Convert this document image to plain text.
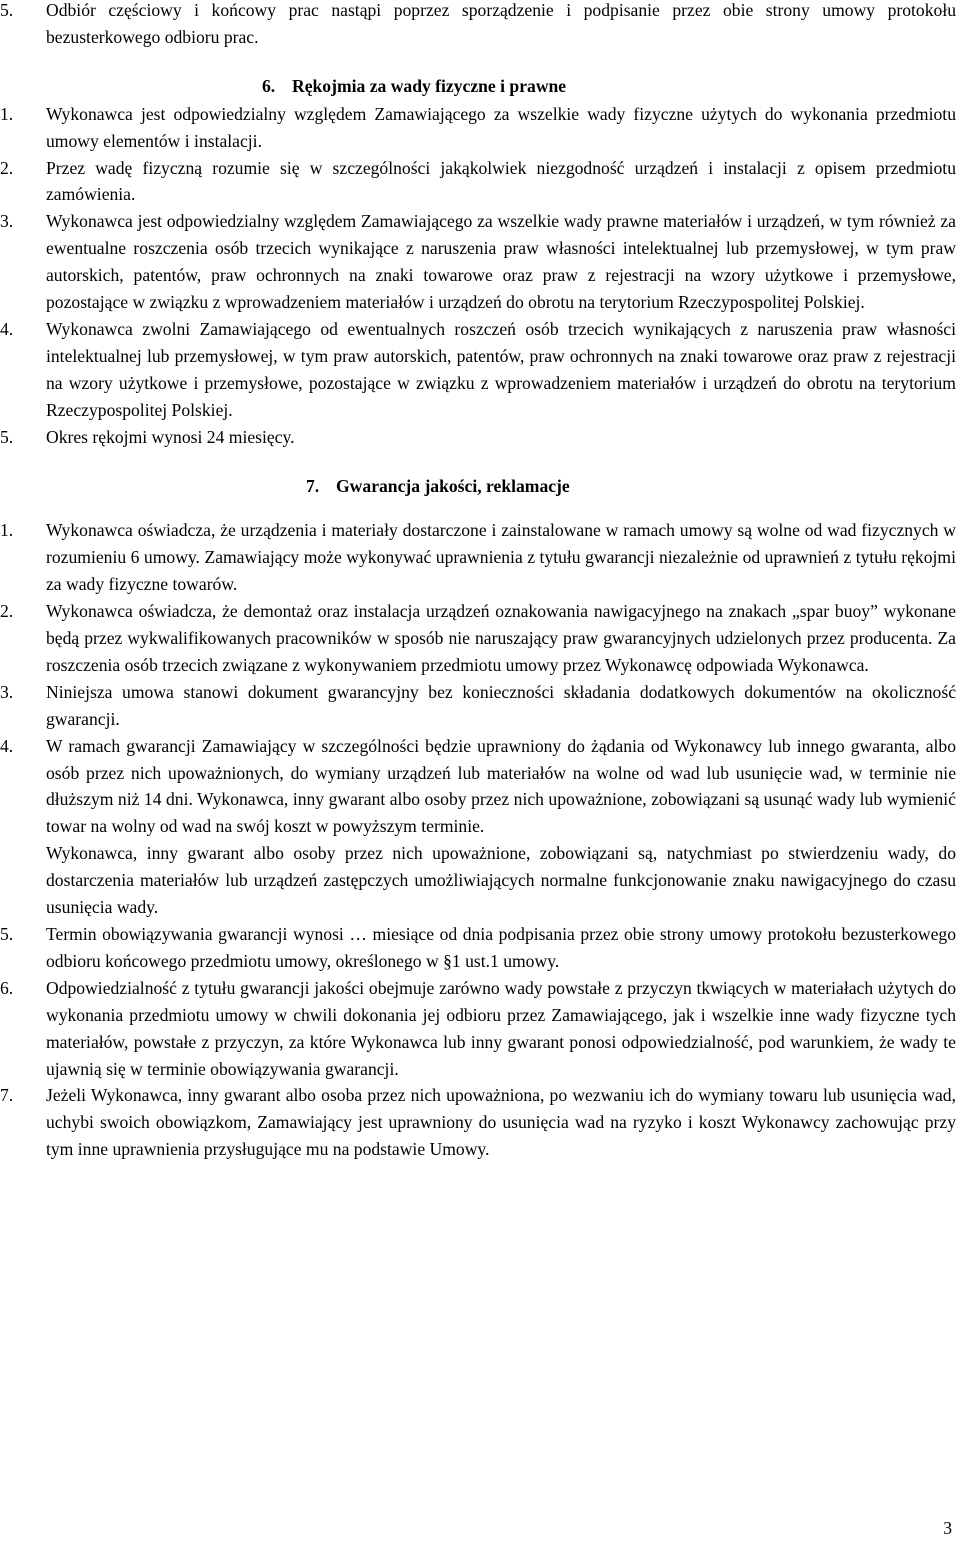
5. Odbiór częściowy i końcowy prac nastąpi poprzez sporządzenie i podpisanie przez obie strony umowy protokołu bezusterkowego odbioru prac.

6. Rękojmia za wady fizyczne i prawne
1. Wykonawca jest odpowiedzialny względem Zamawiającego za wszelkie wady fizyczne użytych do wykonania przedmiotu umowy elementów i instalacji.

2. Przez wadę fizyczną rozumie się w szczególności jakąkolwiek niezgodność urządzeń i instalacji z opisem przedmiotu zamówienia.

3. Wykonawca jest odpowiedzialny względem Zamawiającego za wszelkie wady prawne materiałów i urządzeń, w tym również za ewentualne roszczenia osób trzecich wynikające z naruszenia praw własności intelektualnej lub przemysłowej, w tym praw autorskich, patentów, praw ochronnych na znaki towarowe oraz praw z rejestracji na wzory użytkowe i przemysłowe, pozostające w związku z wprowadzeniem materiałów i urządzeń do obrotu na terytorium Rzeczypospolitej Polskiej.

4. Wykonawca zwolni Zamawiającego od ewentualnych roszczeń osób trzecich wynikających z naruszenia praw własności intelektualnej lub przemysłowej, w tym praw autorskich, patentów, praw ochronnych na znaki towarowe oraz praw z rejestracji na wzory użytkowe i przemysłowe, pozostające w związku z wprowadzeniem materiałów i urządzeń do obrotu na terytorium Rzeczypospolitej Polskiej.

5. Okres rękojmi wynosi 24 miesięcy.

7. Gwarancja jakości, reklamacje
1. Wykonawca oświadcza, że urządzenia i materiały dostarczone i zainstalowane w ramach umowy są wolne od wad fizycznych w rozumieniu 6 umowy. Zamawiający może wykonywać uprawnienia z tytułu gwarancji niezależnie od uprawnień z tytułu rękojmi za wady fizyczne towarów.

2. Wykonawca oświadcza, że demontaż oraz instalacja urządzeń oznakowania nawigacyjnego na znakach „spar buoy” wykonane będą przez wykwalifikowanych pracowników w sposób nie naruszający praw gwarancyjnych udzielonych przez producenta. Za roszczenia osób trzecich związane z wykonywaniem przedmiotu umowy przez Wykonawcę odpowiada Wykonawca.

3. Niniejsza umowa stanowi dokument gwarancyjny bez konieczności składania dodatkowych dokumentów na okoliczność gwarancji.

4. W ramach gwarancji Zamawiający w szczególności będzie uprawniony do żądania od Wykonawcy lub innego gwaranta, albo osób przez nich upoważnionych, do wymiany urządzeń lub materiałów na wolne od wad lub usunięcie wad, w terminie nie dłuższym niż 14 dni. Wykonawca, inny gwarant albo osoby przez nich upoważnione, zobowiązani są usunąć wady lub wymienić towar na wolny od wad na swój koszt w powyższym terminie.

Wykonawca, inny gwarant albo osoby przez nich upoważnione, zobowiązani są, natychmiast po stwierdzeniu wady, do dostarczenia materiałów lub urządzeń zastępczych umożliwiających normalne funkcjonowanie znaku nawigacyjnego do czasu usunięcia wady.

5. Termin obowiązywania gwarancji wynosi … miesiące od dnia podpisania przez obie strony umowy protokołu bezusterkowego odbioru końcowego przedmiotu umowy, określonego w §1 ust.1 umowy.

6. Odpowiedzialność z tytułu gwarancji jakości obejmuje zarówno wady powstałe z przyczyn tkwiących w materiałach użytych do wykonania przedmiotu umowy w chwili dokonania jej odbioru przez Zamawiającego, jak i wszelkie inne wady fizyczne tych materiałów, powstałe z przyczyn, za które Wykonawca lub inny gwarant ponosi odpowiedzialność, pod warunkiem, że wady te ujawnią się w terminie obowiązywania gwarancji.

7. Jeżeli Wykonawca, inny gwarant albo osoba przez nich upoważniona, po wezwaniu ich do wymiany towaru lub usunięcia wad, uchybi swoich obowiązkom, Zamawiający jest uprawniony do usunięcia wad na ryzyko i koszt Wykonawcy zachowując przy tym inne uprawnienia przysługujące mu na podstawie Umowy.

3
